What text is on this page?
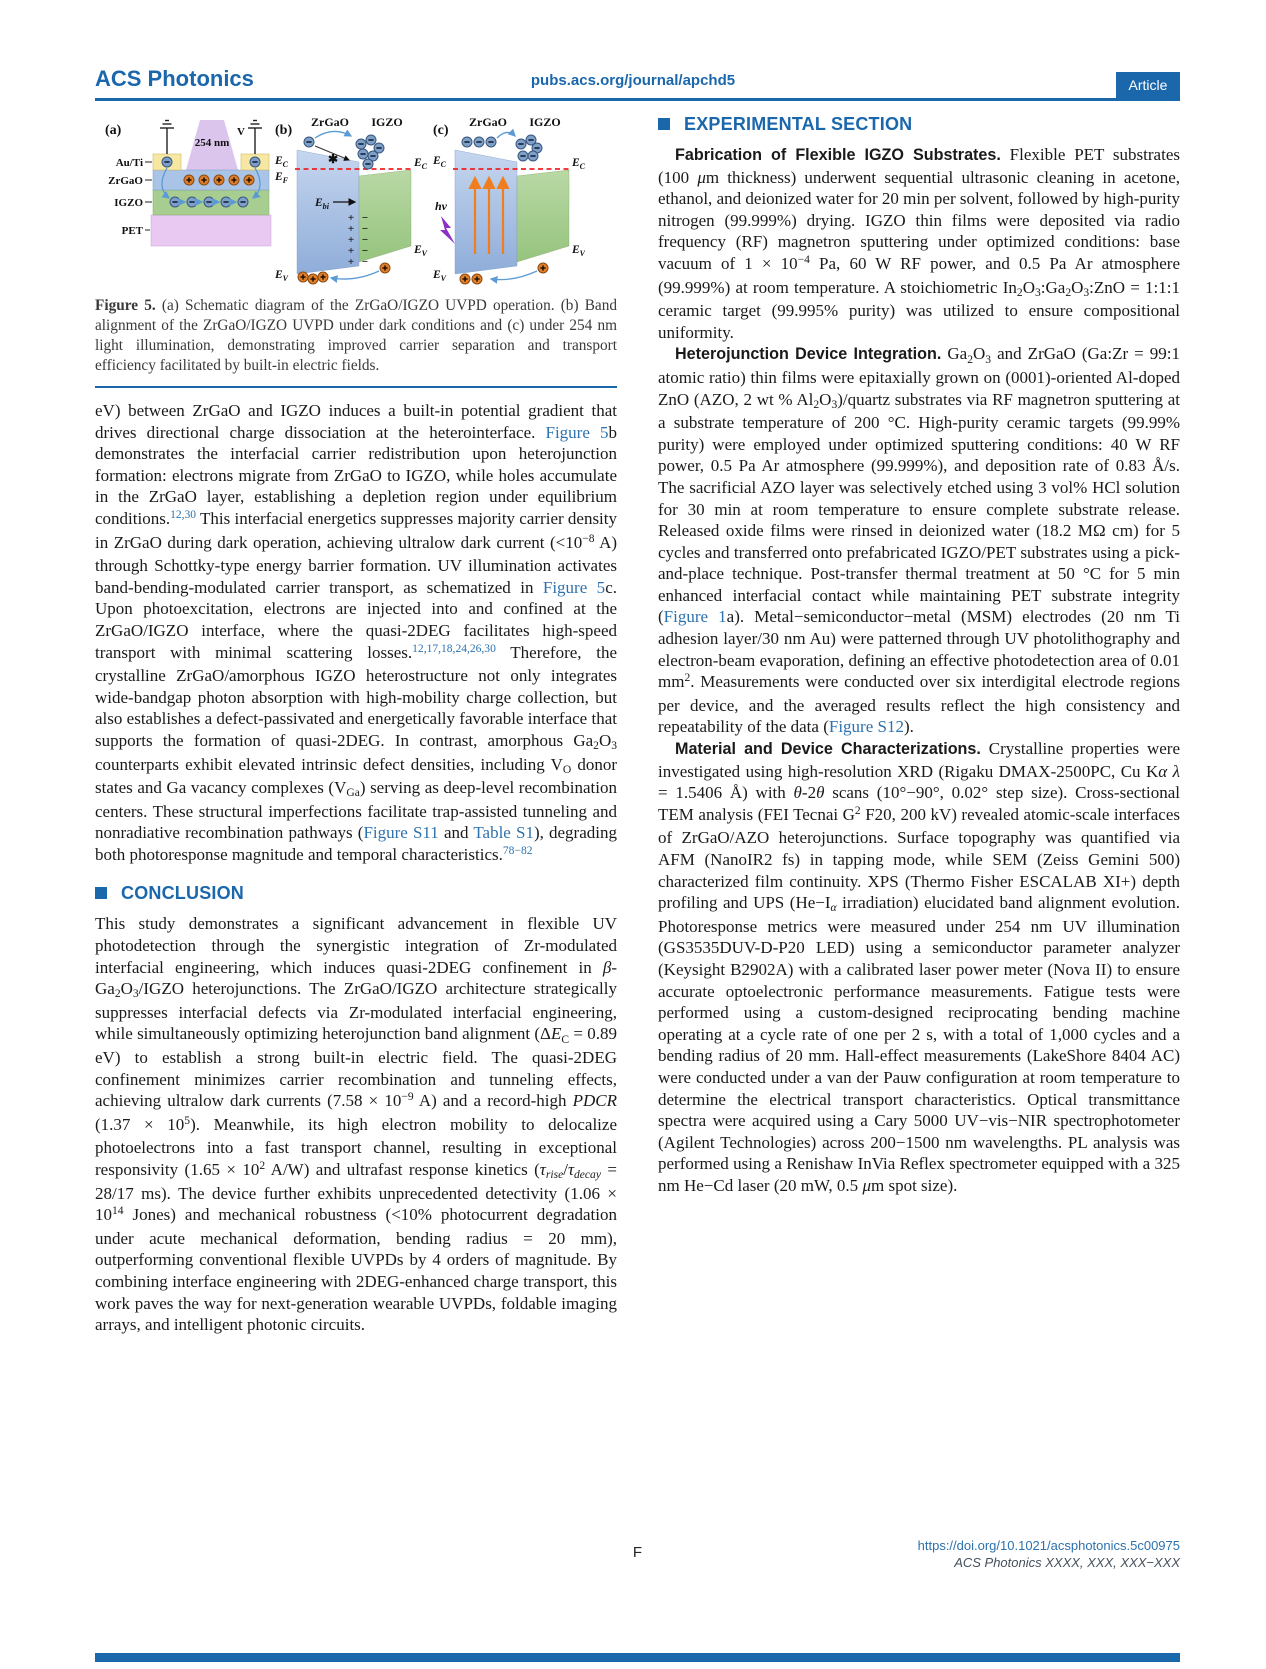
ACS Photonics	pubs.acs.org/journal/apchd5	Article
(a)
254 nm
V
Au/Ti
ZrGaO
IGZO
PET
(b)
ZrGaO IGZO
$E_C$
$E_F$
$E_V$
$E_C$
$E_V$
$E_{bi}$
+ −
+ −
+ −
+ −
+ −
✱
(c)
ZrGaO IGZO
$E_C$
$E_V$
$E_C$
$E_V$
hν

Figure 5. (a) Schematic diagram of the ZrGaO/IGZO UVPD operation. (b) Band alignment of the ZrGaO/IGZO UVPD under dark conditions and (c) under 254 nm light illumination, demonstrating improved carrier separation and transport efficiency facilitated by built-in electric fields.

eV) between ZrGaO and IGZO induces a built-in potential gradient that drives directional charge dissociation at the heterointerface. Figure 5b demonstrates the interfacial carrier redistribution upon heterojunction formation: electrons migrate from ZrGaO to IGZO, while holes accumulate in the ZrGaO layer, establishing a depletion region under equilibrium conditions.$^{12,30}$ This interfacial energetics suppresses majority carrier density in ZrGaO during dark operation, achieving ultralow dark current ($<10^{-8}$ A) through Schottky-type energy barrier formation. UV illumination activates band-bending-modulated carrier transport, as schematized in Figure 5c. Upon photoexcitation, electrons are injected into and confined at the ZrGaO/IGZO interface, where the quasi-2DEG facilitates high-speed transport with minimal scattering losses.$^{12,17,18,24,26,30}$ Therefore, the crystalline ZrGaO/amorphous IGZO heterostructure not only integrates wide-bandgap photon absorption with high-mobility charge collection, but also establishes a defect-passivated and energetically favorable interface that supports the formation of quasi-2DEG. In contrast, amorphous Ga2O3 counterparts exhibit elevated intrinsic defect densities, including VO donor states and Ga vacancy complexes (VGa) serving as deep-level recombination centers. These structural imperfections facilitate trap-assisted tunneling and nonradiative recombination pathways (Figure S11 and Table S1), degrading both photoresponse magnitude and temporal characteristics.$^{78-82}$

CONCLUSION

This study demonstrates a significant advancement in flexible UV photodetection through the synergistic integration of Zr-modulated interfacial engineering, which induces quasi-2DEG confinement in β-Ga2O3/IGZO heterojunctions. The ZrGaO/IGZO architecture strategically suppresses interfacial defects via Zr-modulated interfacial engineering, while simultaneously optimizing heterojunction band alignment (ΔEC = 0.89 eV) to establish a strong built-in electric field. The quasi-2DEG confinement minimizes carrier recombination and tunneling effects, achieving ultralow dark currents ($7.58 \times 10^{-9}$ A) and a record-high PDCR $(1.37 \times 10^5)$. Meanwhile, its high electron mobility to delocalize photoelectrons into a fast transport channel, resulting in exceptional responsivity ($1.65 \times 10^2$ A/W) and ultrafast response kinetics (τrise/τdecay = 28/17 ms). The device further exhibits unprecedented detectivity ($1.06 \times 10^{14}$ Jones) and mechanical robustness (<10% photocurrent degradation under acute mechanical deformation, bending radius = 20 mm), outperforming conventional flexible UVPDs by 4 orders of magnitude. By combining interface engineering with 2DEG-enhanced charge transport, this work paves the way for next-generation wearable UVPDs, foldable imaging arrays, and intelligent photonic circuits.

EXPERIMENTAL SECTION

Fabrication of Flexible IGZO Substrates. Flexible PET substrates (100 μm thickness) underwent sequential ultrasonic cleaning in acetone, ethanol, and deionized water for 20 min per solvent, followed by high-purity nitrogen (99.999%) drying. IGZO thin films were deposited via radio frequency (RF) magnetron sputtering under optimized conditions: base vacuum of $1 \times 10^{-4}$ Pa, 60 W RF power, and 0.5 Pa Ar atmosphere (99.999%) at room temperature. A stoichiometric In2O3:Ga2O3:ZnO = 1:1:1 ceramic target (99.995% purity) was utilized to ensure compositional uniformity.

Heterojunction Device Integration. Ga2O3 and ZrGaO (Ga:Zr = 99:1 atomic ratio) thin films were epitaxially grown on (0001)-oriented Al-doped ZnO (AZO, 2 wt % Al2O3)/quartz substrates via RF magnetron sputtering at a substrate temperature of 200 °C. High-purity ceramic targets (99.99% purity) were employed under optimized sputtering conditions: 40 W RF power, 0.5 Pa Ar atmosphere (99.999%), and deposition rate of 0.83 Å/s. The sacrificial AZO layer was selectively etched using 3 vol% HCl solution for 30 min at room temperature to ensure complete substrate release. Released oxide films were rinsed in deionized water (18.2 MΩ cm) for 5 cycles and transferred onto prefabricated IGZO/PET substrates using a pick-and-place technique. Post-transfer thermal treatment at 50 °C for 5 min enhanced interfacial contact while maintaining PET substrate integrity (Figure 1a). Metal−semiconductor−metal (MSM) electrodes (20 nm Ti adhesion layer/30 nm Au) were patterned through UV photolithography and electron-beam evaporation, defining an effective photodetection area of 0.01 $mm^2$. Measurements were conducted over six interdigital electrode regions per device, and the averaged results reflect the high consistency and repeatability of the data (Figure S12).

Material and Device Characterizations. Crystalline properties were investigated using high-resolution XRD (Rigaku DMAX-2500PC, Cu Kα λ = 1.5406 Å) with θ-2θ scans (10°−90°, 0.02° step size). Cross-sectional TEM analysis (FEI Tecnai $G^2$ F20, 200 kV) revealed atomic-scale interfaces of ZrGaO/AZO heterojunctions. Surface topography was quantified via AFM (NanoIR2 fs) in tapping mode, while SEM (Zeiss Gemini 500) characterized film continuity. XPS (Thermo Fisher ESCALAB XI+) depth profiling and UPS (He−Iα irradiation) elucidated band alignment evolution. Photoresponse metrics were measured under 254 nm UV illumination (GS3535DUV-D-P20 LED) using a semiconductor parameter analyzer (Keysight B2902A) with a calibrated laser power meter (Nova II) to ensure accurate optoelectronic performance measurements. Fatigue tests were performed using a custom-designed reciprocating bending machine operating at a cycle rate of one per 2 s, with a total of 1,000 cycles and a bending radius of 20 mm. Hall-effect measurements (LakeShore 8404 AC) were conducted under a van der Pauw configuration at room temperature to determine the electrical transport characteristics. Optical transmittance spectra were acquired using a Cary 5000 UV−vis−NIR spectrophotometer (Agilent Technologies) across 200−1500 nm wavelengths. PL analysis was performed using a Renishaw InVia Reflex spectrometer equipped with a 325 nm He−Cd laser (20 mW, 0.5 μm spot size).

F	https://doi.org/10.1021/acsphotonics.5c00975
ACS Photonics XXXX, XXX, XXX−XXX
